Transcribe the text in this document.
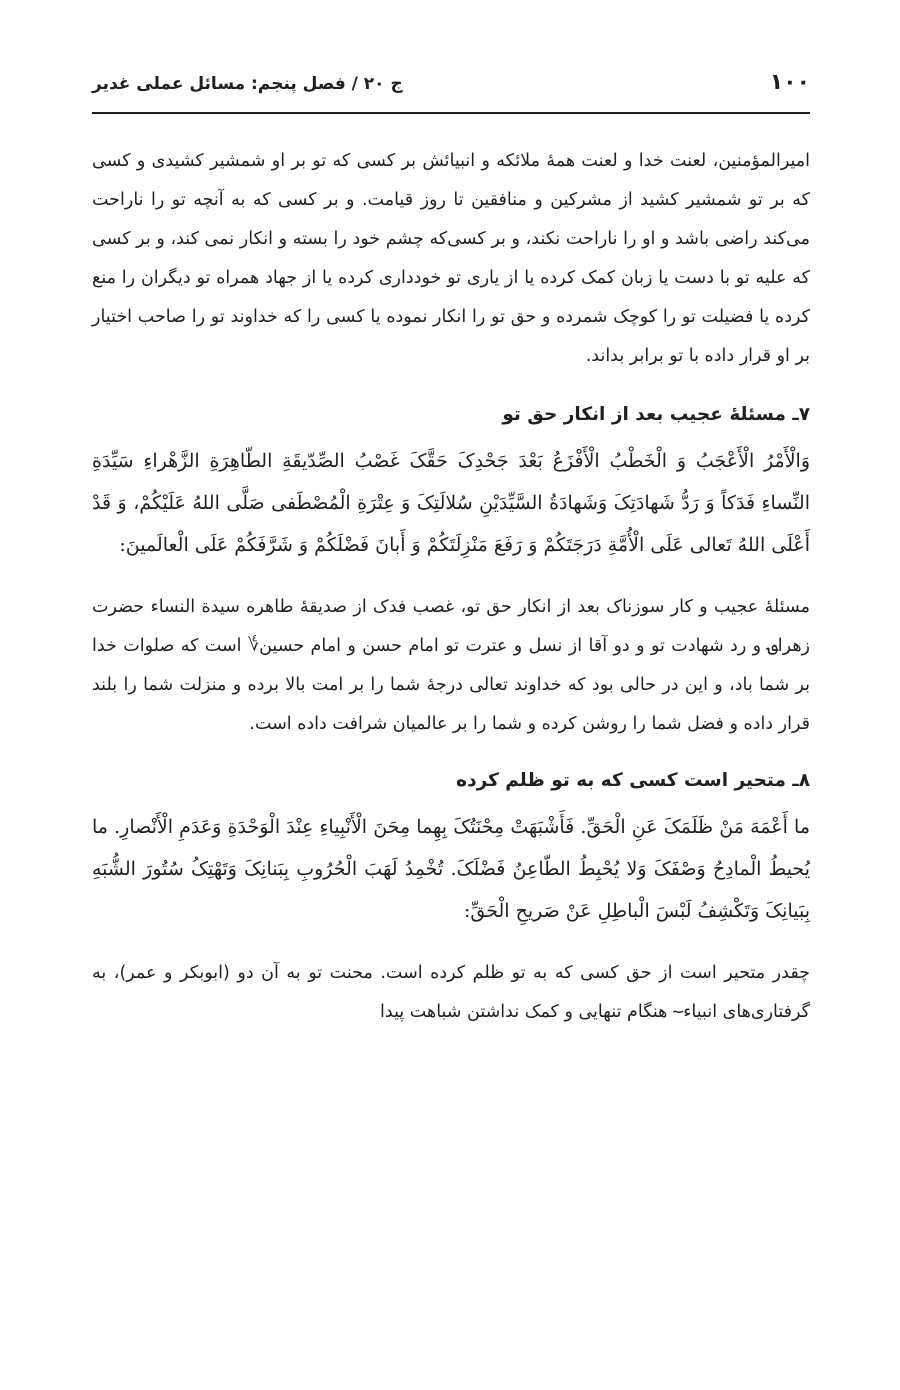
۱۰۰
ج ۲۰ / فصل پنجم: مسائل عملی غدیر

امیرالمؤمنین، لعنت خدا و لعنت همهٔ ملائکه و انبیائش بر کسی که تو بر او شمشیر کشیدی و کسی که بر تو شمشیر کشید از مشرکین و منافقین تا روز قیامت. و بر کسی که به آنچه تو را ناراحت می‌کند راضی باشد و او را ناراحت نکند، و بر کسی‌که چشم خود را بسته و انکار نمی کند، و بر کسی که علیه تو با دست یا زبان کمک کرده یا از یاری تو خودداری کرده یا از جهاد همراه تو دیگران را منع کرده یا فضیلت تو را کوچک شمرده و حق تو را انکار نموده یا کسی را که خداوند تو را صاحب اختیار بر او قرار داده با تو برابر بداند.

۷ـ مسئلهٔ عجیب بعد از انکار حق تو

وَالْأَمْرُ الْأَعْجَبُ وَ الْخَطْبُ الْأَفْزَعُ بَعْدَ جَحْدِکَ حَقَّکَ غَصْبُ الصِّدّيقَةِ الطّاهِرَةِ الزَّهْراءِ سَيِّدَةِ النِّساءِ فَدَكاً وَ رَدُّ شَهادَتِکَ وَشَهادَةُ السَّيِّدَيْنِ سُلالَتِکَ وَ عِتْرَةِ الْمُصْطَفى صَلَّى اللهُ عَلَيْكُمْ، وَ قَدْ أَعْلَى اللهُ تَعالى عَلَى الْأُمَّةِ دَرَجَتَكُمْ وَ رَفَعَ مَنْزِلَتَكُمْ وَ أَبانَ فَضْلَكُمْ وَ شَرَّفَكُمْ عَلَى الْعالَمينَ:

مسئلهٔ عجیب و کار سوزناک بعد از انکار حق تو، غصب فدک از صدیقهٔ طاهره سیدة النساء حضرت زهرا؈ و رد شهادت تو و دو آقا از نسل و عترت تو امام حسن و امام حسین؇ است که صلوات خدا بر شما باد، و این در حالی بود که خداوند تعالی درجهٔ شما را بر امت بالا برده و منزلت شما را بلند قرار داده و فضل شما را روشن کرده و شما را بر عالمیان شرافت داده است.

۸ـ متحیر است کسی که به تو ظلم کرده

ما أَعْمَهَ مَنْ ظَلَمَکَ عَنِ الْحَقِّ. فَأَشْبَهَتْ مِحْنَتُکَ بِهِما مِحَنَ الْأَنْبِياءِ عِنْدَ الْوَحْدَةِ وَعَدَمِ الْأَنْصارِ. ما يُحيطُ الْمادِحُ وَصْفَکَ وَلا يُحْبِطُ الطّاعِنُ فَضْلَکَ. تُخْمِدُ لَهَبَ الْحُرُوبِ بِبَنانِکَ وَتَهْتِکُ سُتُورَ الشُّبَهِ بِبَيانِکَ وَتَكْشِفُ لَبْسَ الْباطِلِ عَنْ صَريحِ الْحَقِّ:

چقدر متحیر است از حق کسی که به تو ظلم کرده است. محنت تو به آن دو (ابوبکر و عمر)، به گرفتاری‌های انبیاء؅ هنگام تنهایی و کمک نداشتن شباهت پیدا
